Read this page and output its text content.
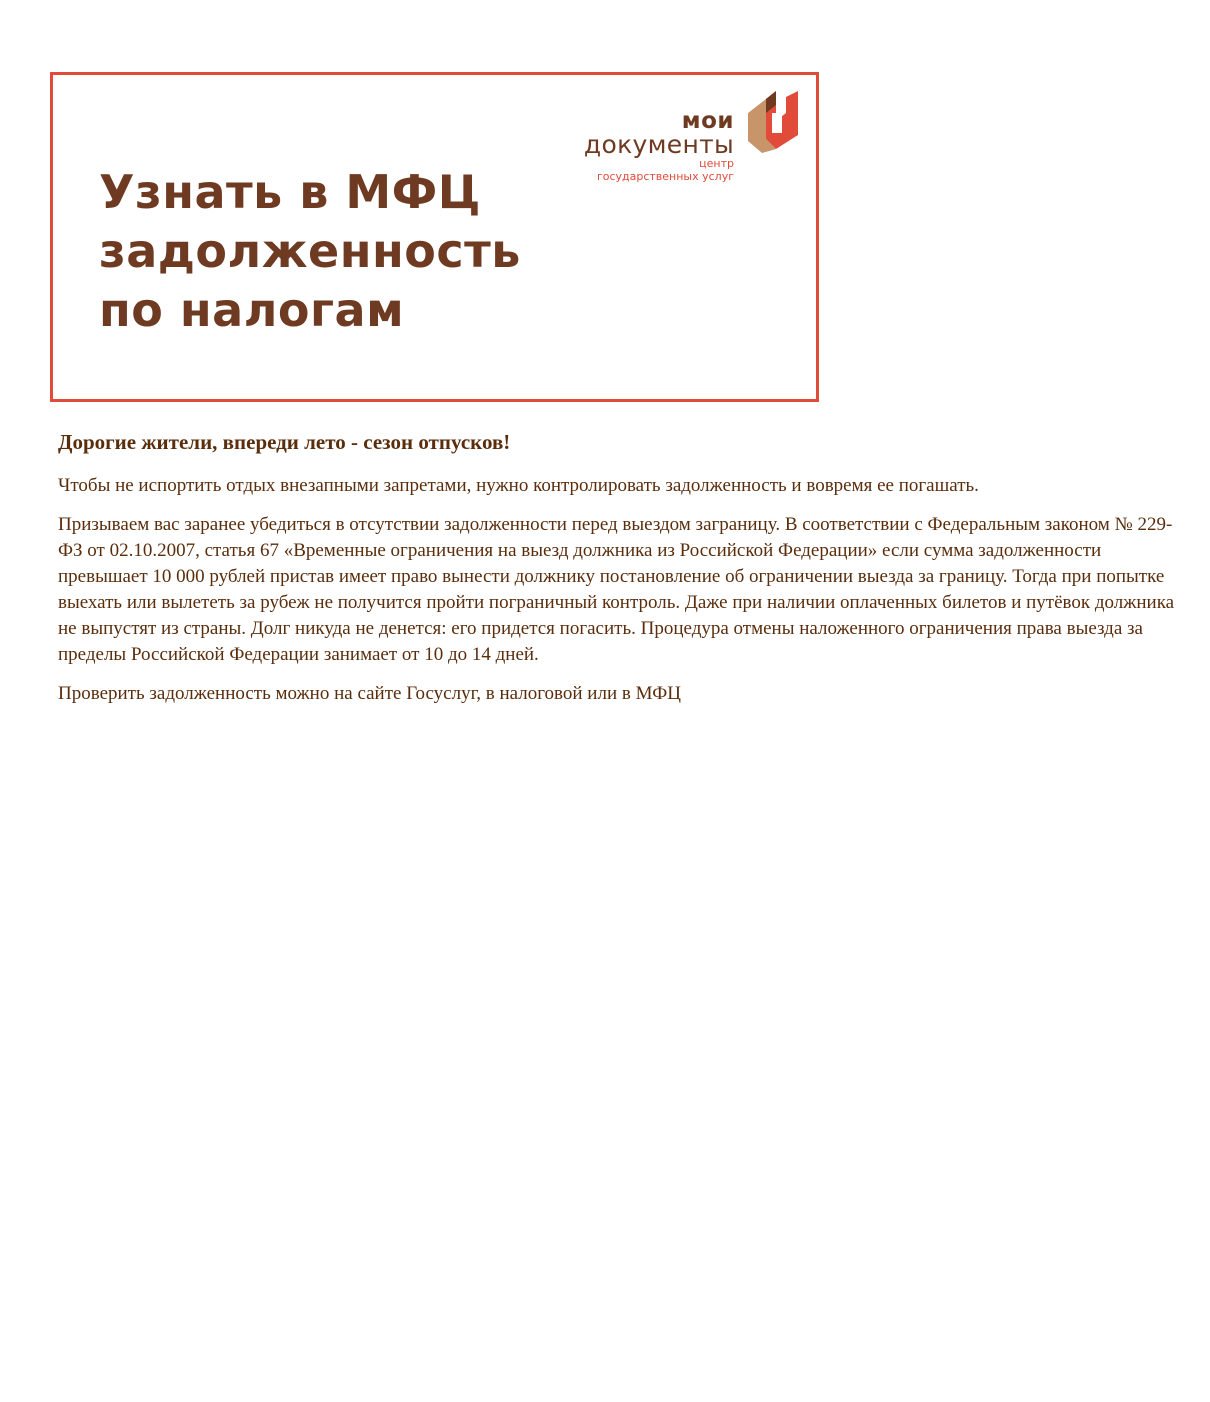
Узнать в МФЦ
задолженность
по налогам
мои
документы
центр
государственных услуг
Дорогие жители, впереди лето - сезон отпусков!

Чтобы не испортить отдых внезапными запретами, нужно контролировать задолженность и вовремя ее погашать.

Призываем вас заранее убедиться в отсутствии задолженности перед выездом заграницу. В соответствии с Федеральным законом № 229-ФЗ от 02.10.2007, статья 67 «Временные ограничения на выезд должника из Российской Федерации» если сумма задолженности превышает 10 000 рублей пристав имеет право вынести должнику постановление об ограничении выезда за границу. Тогда при попытке выехать или вылететь за рубеж не получится пройти пограничный контроль. Даже при наличии оплаченных билетов и путёвок должника не выпустят из страны. Долг никуда не денется: его придется погасить. Процедура отмены наложенного ограничения права выезда за пределы Российской Федерации занимает от 10 до 14 дней.

Проверить задолженность можно на сайте Госуслуг, в налоговой или в МФЦ
